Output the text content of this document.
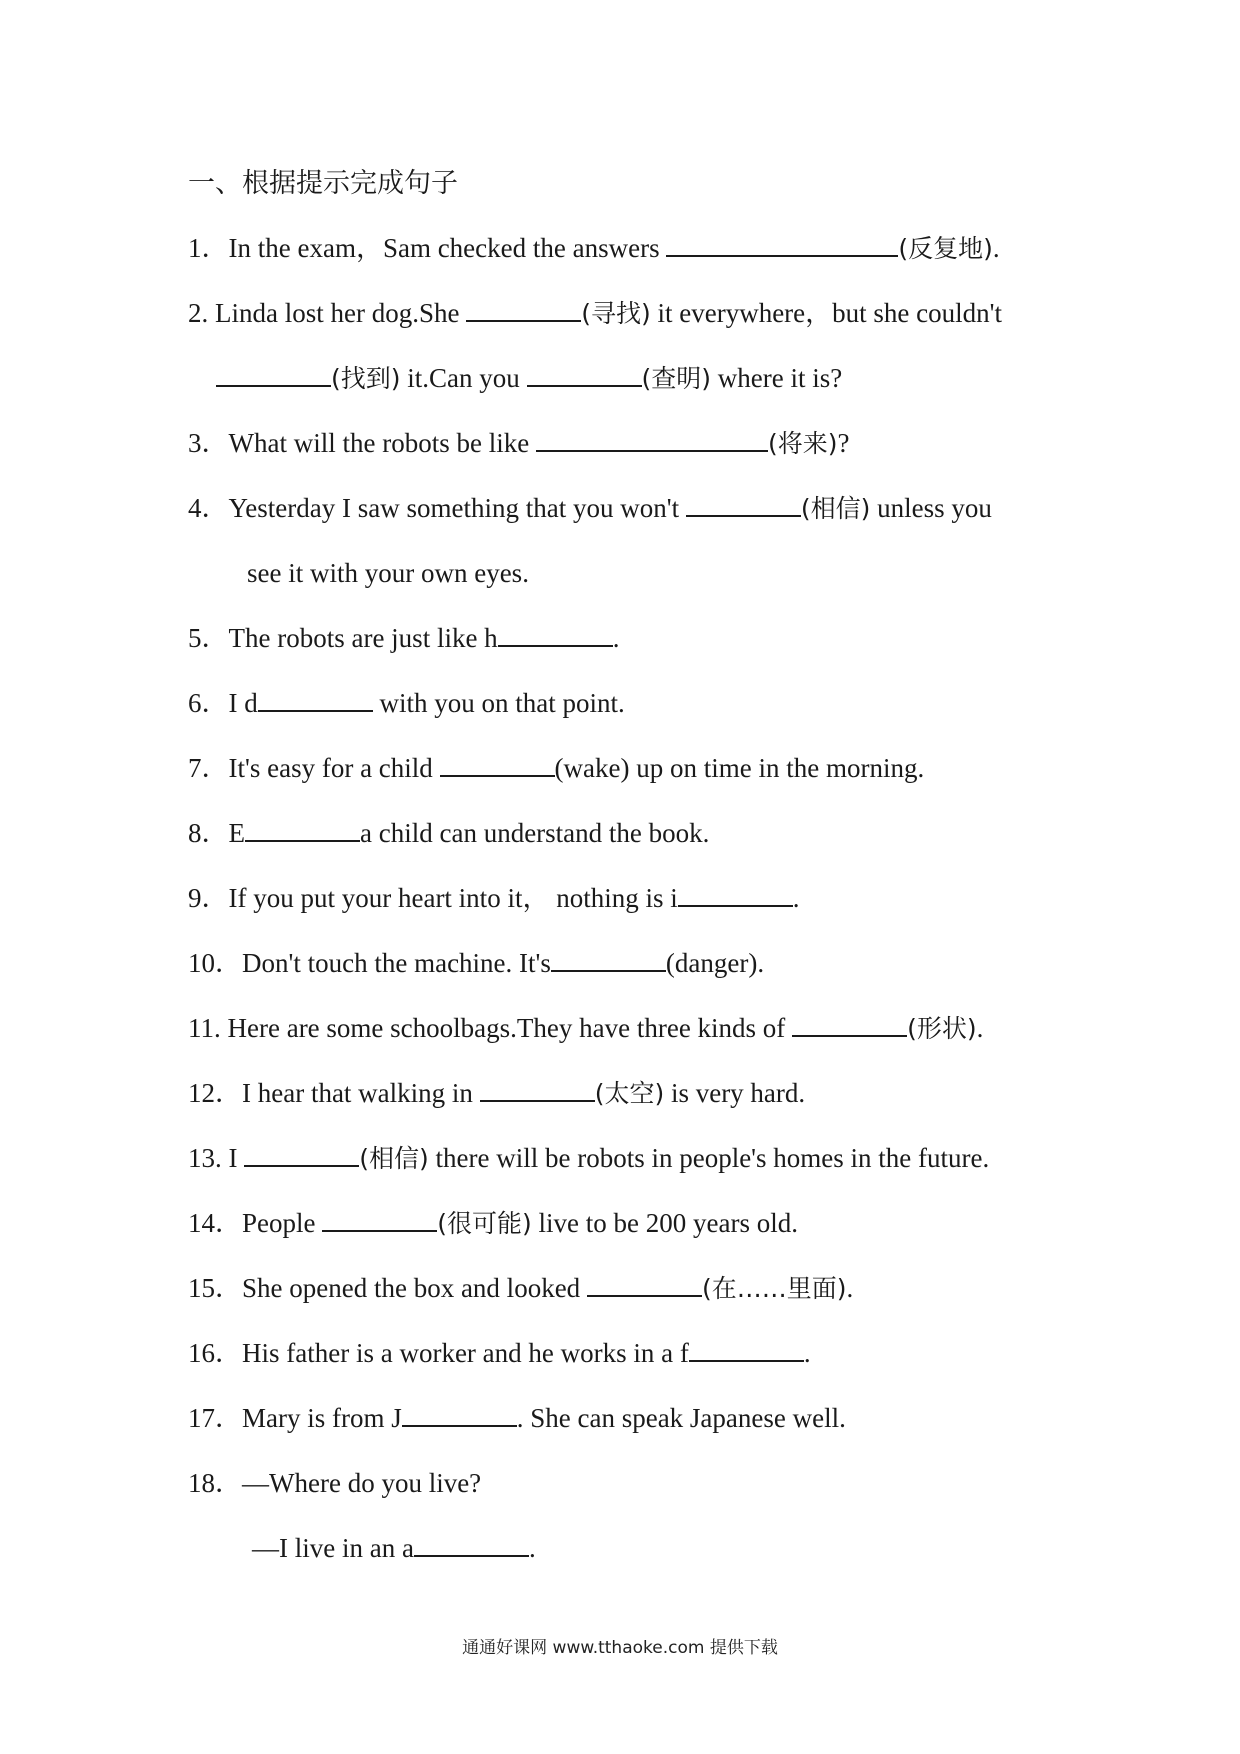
一、根据提示完成句子
1．In the exam，Sam checked the answers	(反复地).
2. Linda lost her dog.She	(寻找) it everywhere，but she couldn't
(找到) it.Can you	(查明) where it is?
3．What will the robots be like	(将来)?
4．Yesterday I saw something that you won't	(相信) unless you
see it with your own eyes.
5．The robots are just like h	.
6．I d	with you on that point.
7．It's easy for a child	(wake) up on time in the morning.
8．E	a child can understand the book.
9．If you put your heart into it， nothing is i	.
10．Don't touch the machine. It's	(danger).
11. Here are some schoolbags.They have three kinds of	(形状).
12．I hear that walking in	(太空) is very hard.
13. I	(相信) there will be robots in people's homes in the future.
14．People	(很可能) live to be 200 years old.
15．She opened the box and looked	(在……里面).
16．His father is a worker and he works in a f	.
17．Mary is from J	. She can speak Japanese well.
18．—Where do you live?
—I live in an a	.
通通好课网 www.tthaoke.com 提供下载
